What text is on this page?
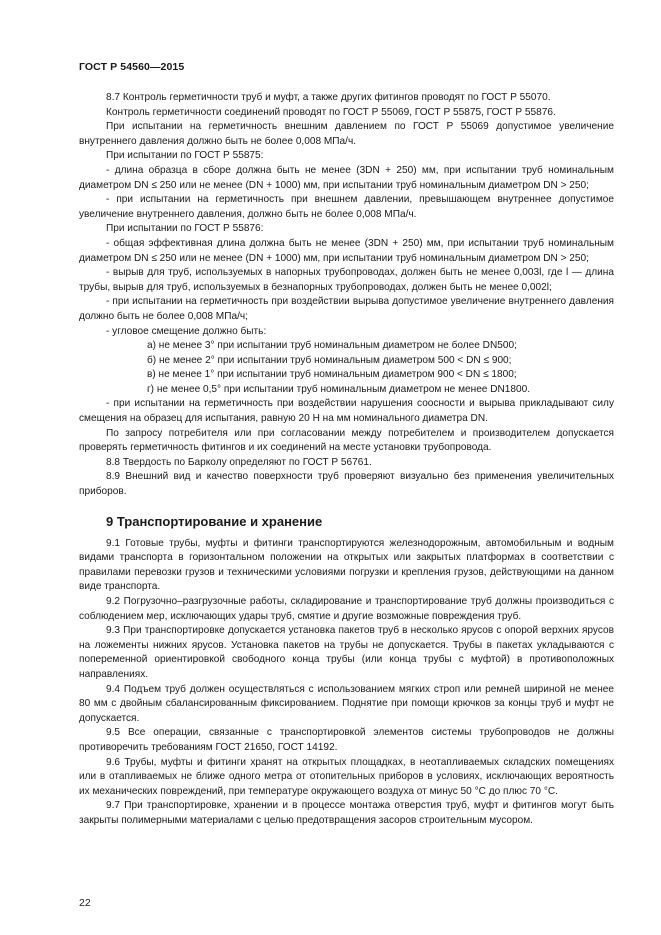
ГОСТ Р 54560—2015

8.7 Контроль герметичности труб и муфт, а также других фитингов проводят по ГОСТ Р 55070.

Контроль герметичности соединений проводят по ГОСТ Р 55069, ГОСТ Р 55875, ГОСТ Р 55876.

При испытании на герметичность внешним давлением по ГОСТ Р 55069 допустимое увеличение внутреннего давления должно быть не более 0,008 МПа/ч.

При испытании по ГОСТ Р 55875:

- длина образца в сборе должна быть не менее (3DN + 250) мм, при испытании труб номинальным диаметром DN ≤ 250 или не менее (DN + 1000) мм, при испытании труб номинальным диаметром DN > 250;

- при испытании на герметичность при внешнем давлении, превышающем внутреннее допустимое увеличение внутреннего давления, должно быть не более 0,008 МПа/ч.

При испытании по ГОСТ Р 55876:

- общая эффективная длина должна быть не менее (3DN + 250) мм, при испытании труб номинальным диаметром DN ≤ 250 или не менее (DN + 1000) мм, при испытании труб номинальным диаметром DN > 250;

- вырыв для труб, используемых в напорных трубопроводах, должен быть не менее 0,003l, где l — длина трубы, вырыв для труб, используемых в безнапорных трубопроводах, должен быть не менее 0,002l;

- при испытании на герметичность при воздействии вырыва допустимое увеличение внутреннего давления должно быть не более 0,008 МПа/ч;

- угловое смещение должно быть:

а) не менее 3° при испытании труб номинальным диаметром не более DN500;

б) не менее 2° при испытании труб номинальным диаметром 500 < DN ≤ 900;

в) не менее 1° при испытании труб номинальным диаметром 900 < DN ≤ 1800;

г) не менее 0,5° при испытании труб номинальным диаметром не менее DN1800.

- при испытании на герметичность при воздействии нарушения соосности и вырыва прикладывают силу смещения на образец для испытания, равную 20 Н на мм номинального диаметра DN.

По запросу потребителя или при согласовании между потребителем и производителем допускается проверять герметичность фитингов и их соединений на месте установки трубопровода.

8.8 Твердость по Барколу определяют по ГОСТ Р 56761.

8.9 Внешний вид и качество поверхности труб проверяют визуально без применения увеличительных приборов.

9 Транспортирование и хранение

9.1 Готовые трубы, муфты и фитинги транспортируются железнодорожным, автомобильным и водным видами транспорта в горизонтальном положении на открытых или закрытых платформах в соответствии с правилами перевозки грузов и техническими условиями погрузки и крепления грузов, действующими на данном виде транспорта.

9.2 Погрузочно–разгрузочные работы, складирование и транспортирование труб должны производиться с соблюдением мер, исключающих удары труб, смятие и другие возможные повреждения труб.

9.3 При транспортировке допускается установка пакетов труб в несколько ярусов с опорой верхних ярусов на ложементы нижних ярусов. Установка пакетов на трубы не допускается. Трубы в пакетах укладываются с попеременной ориентировкой свободного конца трубы (или конца трубы с муфтой) в противоположных направлениях.

9.4 Подъем труб должен осуществляться с использованием мягких строп или ремней шириной не менее 80 мм с двойным сбалансированным фиксированием. Поднятие при помощи крючков за концы труб и муфт не допускается.

9.5 Все операции, связанные с транспортировкой элементов системы трубопроводов не должны противоречить требованиям ГОСТ 21650, ГОСТ 14192.

9.6 Трубы, муфты и фитинги хранят на открытых площадках, в неотапливаемых складских помещениях или в отапливаемых не ближе одного метра от отопительных приборов в условиях, исключающих вероятность их механических повреждений, при температуре окружающего воздуха от минус 50 °С до плюс 70 °С.

9.7 При транспортировке, хранении и в процессе монтажа отверстия труб, муфт и фитингов могут быть закрыты полимерными материалами с целью предотвращения засоров строительным мусором.

22
